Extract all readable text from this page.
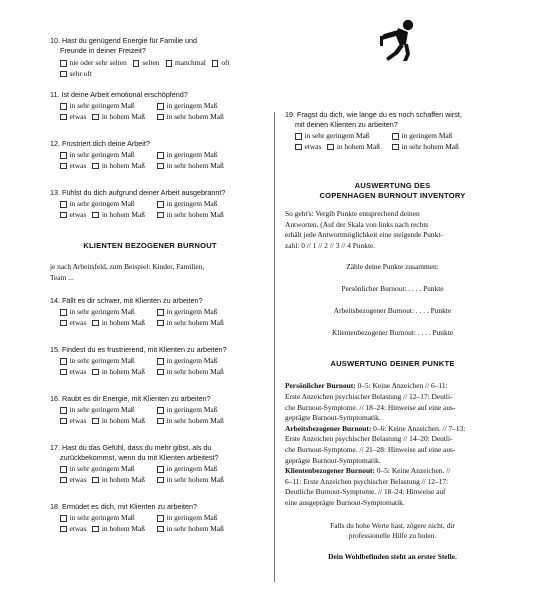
10. Hast du genügend Energie für Familie und
Freunde in deiner Freizeit?
nie oder sehr selten selten manchmal oft
sehr oft
11. Ist deine Arbeit emotional erschöpfend?
in sehr geringem Maß	in geringem Maß
etwas in hohem Maß	in sehr hohem Maß
12. Frustriert dich deine Arbeit?
in sehr geringem Maß	in geringem Maß
etwas in hohem Maß	in sehr hohem Maß
13. Fühlst du dich aufgrund deiner Arbeit ausgebrannt?
in sehr geringem Maß	in geringem Maß
etwas in hohem Maß	in sehr hohem Maß
KLIENTEN BEZOGENER BURNOUT
je nach Arbeitsfeld, zum Beispiel: Kinder, Familien,
Team ...
14. Fällt es dir schwer, mit Klienten zu arbeiten?
in sehr geringem Maß	in geringem Maß
etwas in hohem Maß	in sehr hohem Maß
15. Findest du es frustrierend, mit Klienten zu arbeiten?
in sehr geringem Maß	in geringem Maß
etwas in hohem Maß	in sehr hohem Maß
16. Raubt es dir Energie, mit Klienten zu arbeiten?
in sehr geringem Maß	in geringem Maß
etwas in hohem Maß	in sehr hohem Maß
17. Hast du das Gefühl, dass du mehr gibst, als du
zurückbekommst, wenn du mit Klienten arbeitest?
in sehr geringem Maß	in geringem Maß
etwas in hohem Maß	in sehr hohem Maß
18. Ermüdet es dich, mit Klienten zu arbeiten?
in sehr geringem Maß	in geringem Maß
etwas in hohem Maß	in sehr hohem Maß
19. Fragst du dich, wie lange du es noch schaffen wirst,
mit deinen Klienten zu arbeiten?
in sehr geringem Maß	in geringem Maß
etwas in hohem Maß	in sehr hohem Maß
AUSWERTUNG DES
COPENHAGEN BURNOUT INVENTORY
So geht's: Vergib Punkte entsprechend deinen
Antworten. (Auf der Skala von links nach rechts
erhält jede Antwortmöglichkeit eine steigende Punkt-
zahl: 0 // 1 // 2 // 3 // 4 Punkte.
Zähle deine Punkte zusammen:
Persönlicher Burnout: . . . . Punkte
Arbeitsbezogener Burnout: . . . . Punkte
Klientenbezogener Burnout: . . . . Punkte
AUSWERTUNG DEINER PUNKTE
Persönlicher Burnout: 0–5: Keine Anzeichen // 6–11:
Erste Anzeichen psychischer Belastung // 12–17: Deutli-
che Burnout-Symptome. // 18–24: Hinweise auf eine aus-
geprägte Burnout-Symptomatik.
Arbeitsbezogener Burnout: 0–6: Keine Anzeichen. // 7–13:
Erste Anzeichen psychischer Belastung // 14–20: Deutli-
che Burnout-Symptome. // 21–28: Hinweise auf eine aus-
geprägte Burnout-Symptomatik.
Klientenbezogener Burnout: 0–5: Keine Anzeichen. //
6–11: Erste Anzeichen psychischer Belastung // 12–17:
Deutliche Burnout-Symptome. // 18–24: Hinweise auf
eine ausgeprägte Burnout-Symptomatik.
Falls du hohe Werte hast, zögere nicht, dir
professionelle Hilfe zu holen.
Dein Wohlbefinden steht an erster Stelle.
